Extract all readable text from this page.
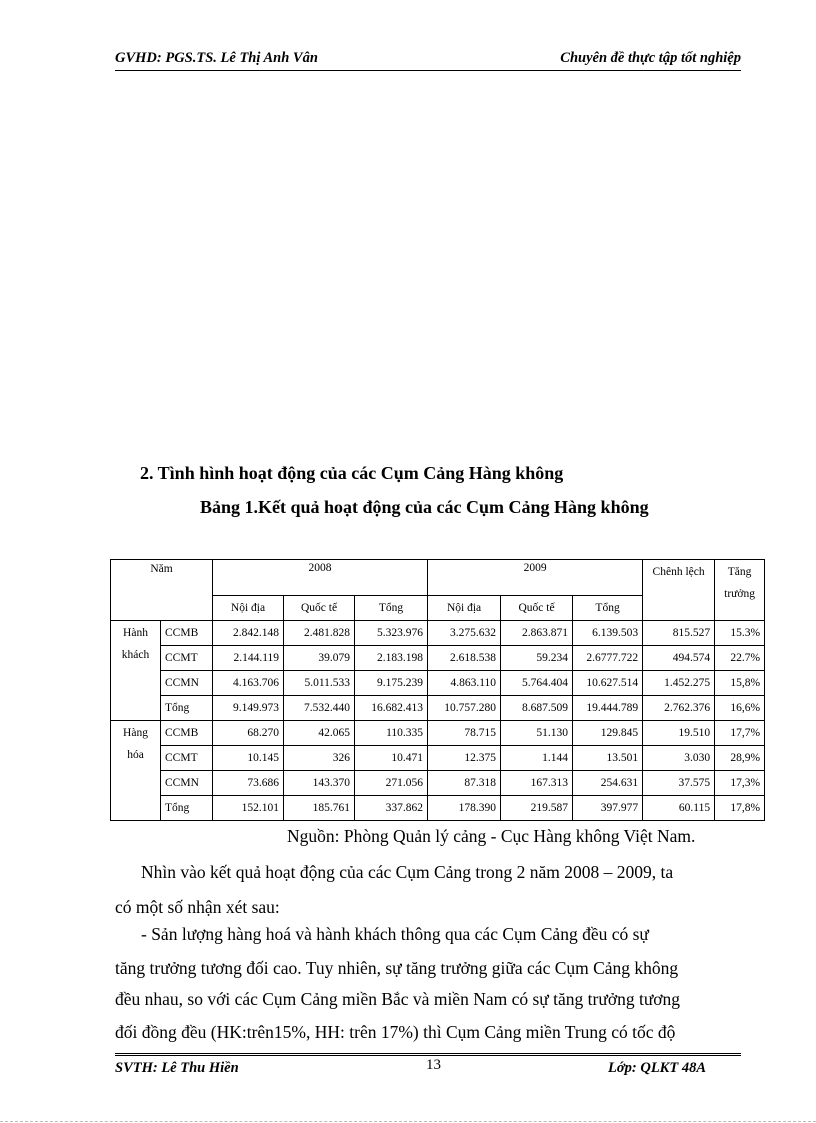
GVHD: PGS.TS. Lê Thị Anh Vân	Chuyên đề thực tập tốt nghiệp
2. Tình hình hoạt động của các Cụm Cảng Hàng không
Bảng 1.Kết quả hoạt động của các Cụm Cảng Hàng không
Năm		2008			2009			Chênh lệch	Tăng trưởng
		Nội địa	Quốc tế	Tổng	Nội địa	Quốc tế	Tổng		
Hành khách	CCMB	2.842.148	2.481.828	5.323.976	3.275.632	2.863.871	6.139.503	815.527	15.3%
	CCMT	2.144.119	39.079	2.183.198	2.618.538	59.234	2.6777.722	494.574	22.7%
	CCMN	4.163.706	5.011.533	9.175.239	4.863.110	5.764.404	10.627.514	1.452.275	15,8%
	Tổng	9.149.973	7.532.440	16.682.413	10.757.280	8.687.509	19.444.789	2.762.376	16,6%
Hàng hóa	CCMB	68.270	42.065	110.335	78.715	51.130	129.845	19.510	17,7%
	CCMT	10.145	326	10.471	12.375	1.144	13.501	3.030	28,9%
	CCMN	73.686	143.370	271.056	87.318	167.313	254.631	37.575	17,3%
	Tổng	152.101	185.761	337.862	178.390	219.587	397.977	60.115	17,8%
Nguồn: Phòng Quản lý cảng - Cục Hàng không Việt Nam.
Nhìn vào kết quả hoạt động của các Cụm Cảng trong 2 năm 2008 – 2009, ta
có một số nhận xét sau:
- Sản lượng hàng hoá và hành khách thông qua các Cụm Cảng đều có sự
tăng trưởng tương đối cao. Tuy nhiên, sự tăng trưởng giữa các Cụm Cảng không
đều nhau, so với các Cụm Cảng miền Bắc và miền Nam có sự tăng trưởng tương
đối đồng đều (HK:trên15%, HH: trên 17%) thì Cụm Cảng miền Trung có tốc độ
SVTH: Lê Thu Hiền	13	Lớp: QLKT 48A
